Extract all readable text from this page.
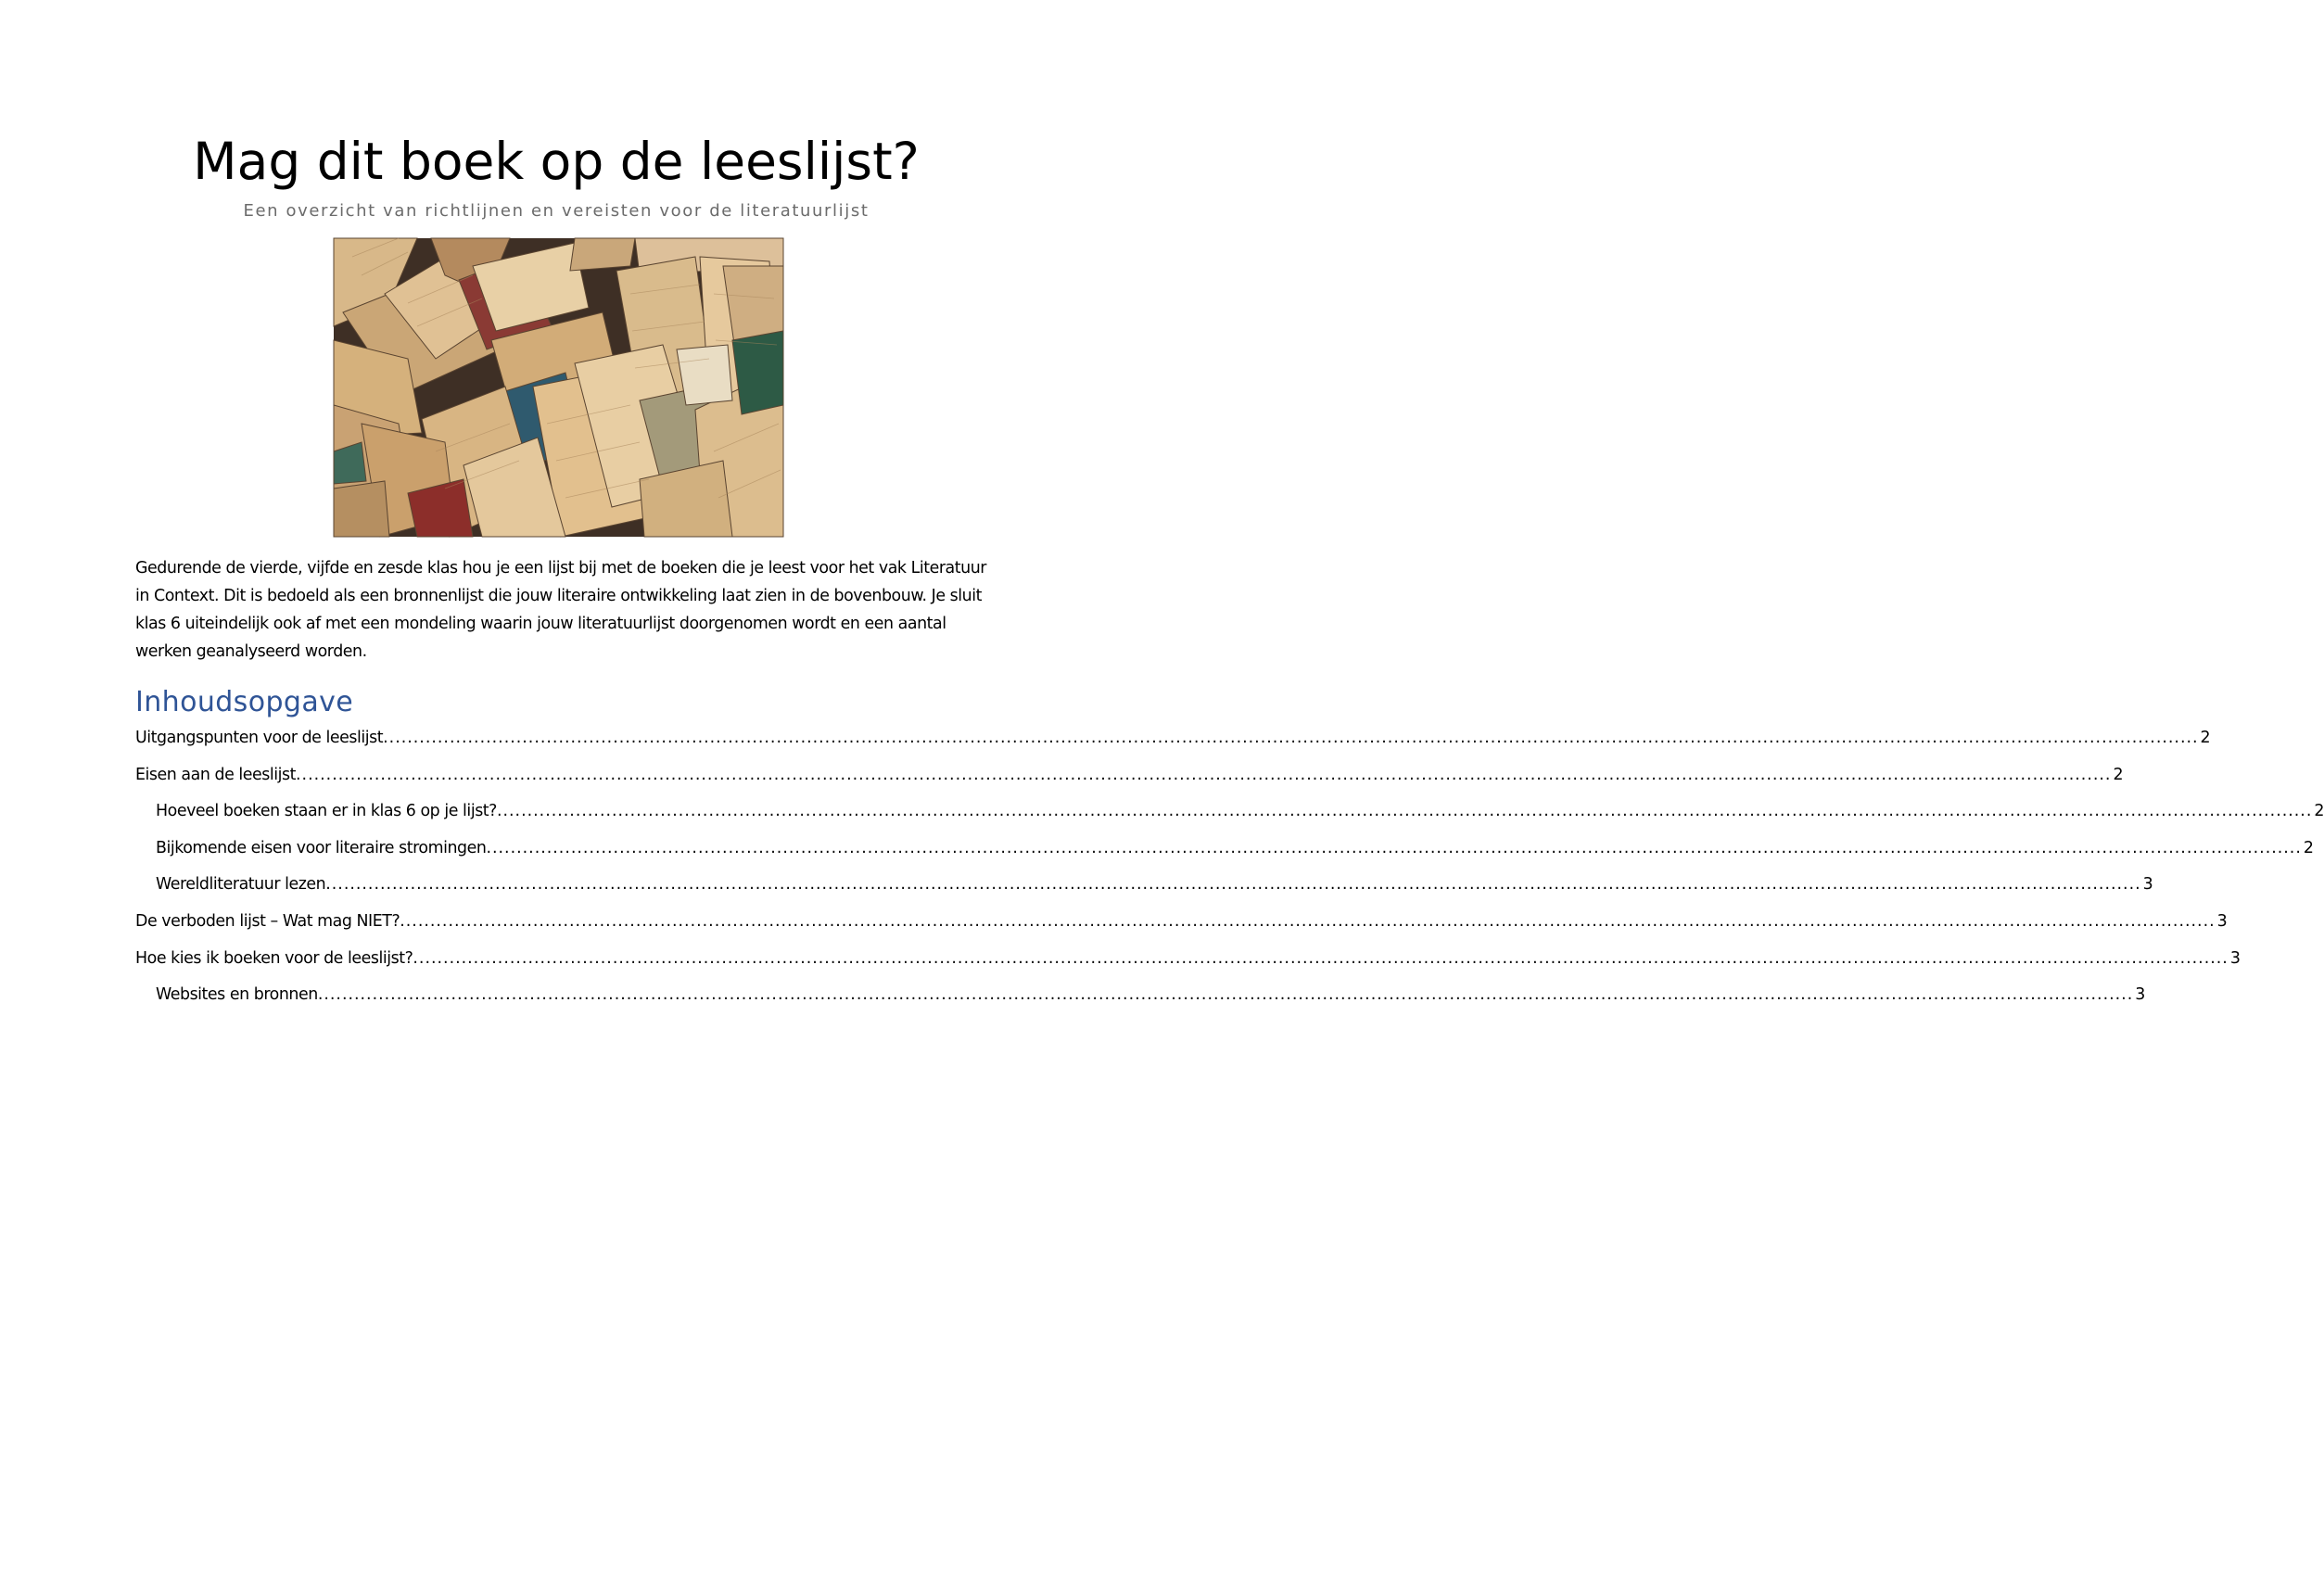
Mag dit boek op de leeslijst?
Een overzicht van richtlijnen en vereisten voor de literatuurlijst

Gedurende de vierde, vijfde en zesde klas hou je een lijst bij met de boeken die je leest voor het vak Literatuur in Context. Dit is bedoeld als een bronnenlijst die jouw literaire ontwikkeling laat zien in de bovenbouw. Je sluit klas 6 uiteindelijk ook af met een mondeling waarin jouw literatuurlijst doorgenomen wordt en een aantal werken geanalyseerd worden.

Inhoudsopgave
Uitgangspunten voor de leeslijst ............................................................................................................................................................................................................................................................................................................ 2
Eisen aan de leeslijst ............................................................................................................................................................................................................................................................................................................ 2
Hoeveel boeken staan er in klas 6 op je lijst? ............................................................................................................................................................................................................................................................................................................ 2
Bijkomende eisen voor literaire stromingen ............................................................................................................................................................................................................................................................................................................ 2
Wereldliteratuur lezen ............................................................................................................................................................................................................................................................................................................ 3
De verboden lijst – Wat mag NIET? ............................................................................................................................................................................................................................................................................................................ 3
Hoe kies ik boeken voor de leeslijst? ............................................................................................................................................................................................................................................................................................................ 3
Websites en bronnen ............................................................................................................................................................................................................................................................................................................ 3
